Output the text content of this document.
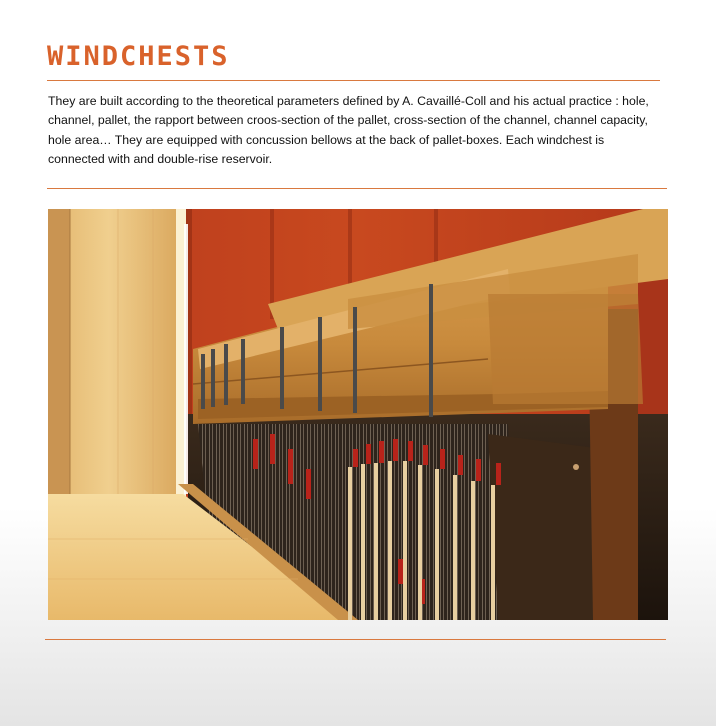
WINDCHESTS

They are built according to the theoretical parameters defined by A. Cavaillé-Coll and his actual practice : hole, channel, pallet, the rapport between croos-section of the pallet, cross-section of the channel, channel capacity, hole area… They are equipped with concussion bellows at the back of pallet-boxes. Each windchest is connected with and double-rise reservoir.
